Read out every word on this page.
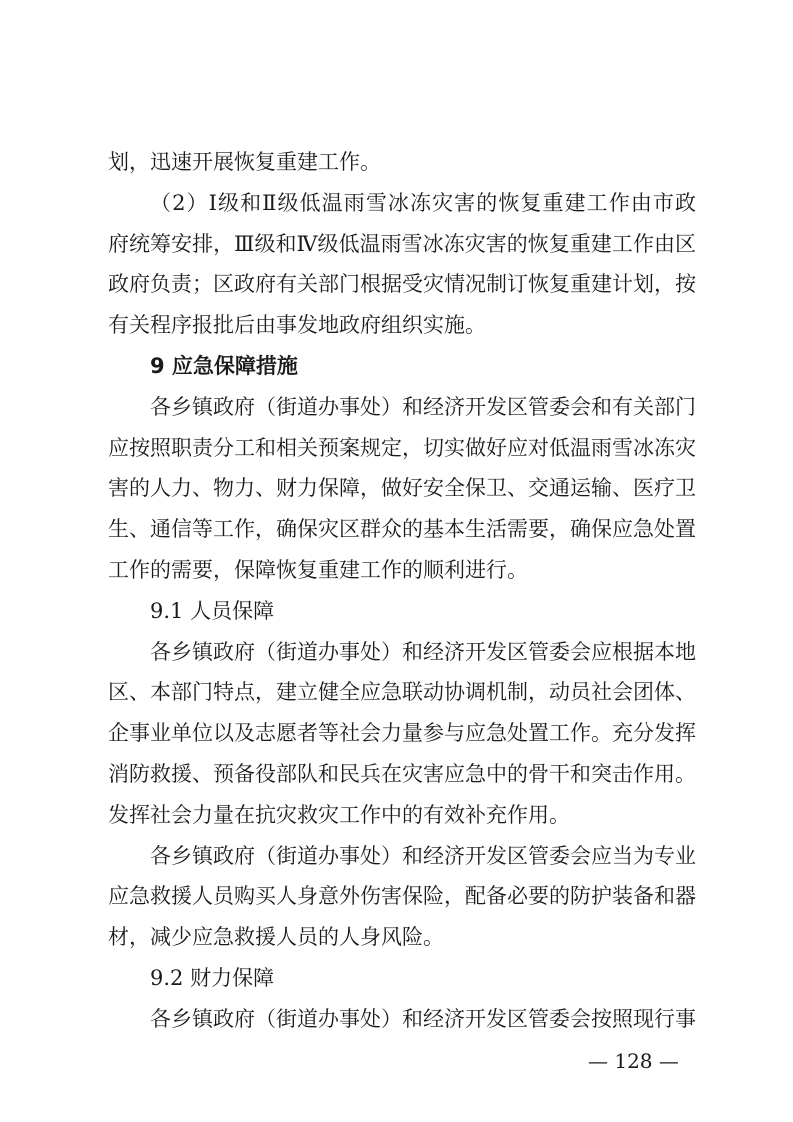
划，迅速开展恢复重建工作。
（2）Ⅰ级和Ⅱ级低温雨雪冰冻灾害的恢复重建工作由市政
府统筹安排，Ⅲ级和Ⅳ级低温雨雪冰冻灾害的恢复重建工作由区
政府负责；区政府有关部门根据受灾情况制订恢复重建计划，按
有关程序报批后由事发地政府组织实施。
9 应急保障措施
各乡镇政府（街道办事处）和经济开发区管委会和有关部门
应按照职责分工和相关预案规定，切实做好应对低温雨雪冰冻灾
害的人力、物力、财力保障，做好安全保卫、交通运输、医疗卫
生、通信等工作，确保灾区群众的基本生活需要，确保应急处置
工作的需要，保障恢复重建工作的顺利进行。
9.1 人员保障
各乡镇政府（街道办事处）和经济开发区管委会应根据本地
区、本部门特点，建立健全应急联动协调机制，动员社会团体、
企事业单位以及志愿者等社会力量参与应急处置工作。充分发挥
消防救援、预备役部队和民兵在灾害应急中的骨干和突击作用。
发挥社会力量在抗灾救灾工作中的有效补充作用。
各乡镇政府（街道办事处）和经济开发区管委会应当为专业
应急救援人员购买人身意外伤害保险，配备必要的防护装备和器
材，减少应急救援人员的人身风险。
9.2 财力保障
各乡镇政府（街道办事处）和经济开发区管委会按照现行事
— 128 —
